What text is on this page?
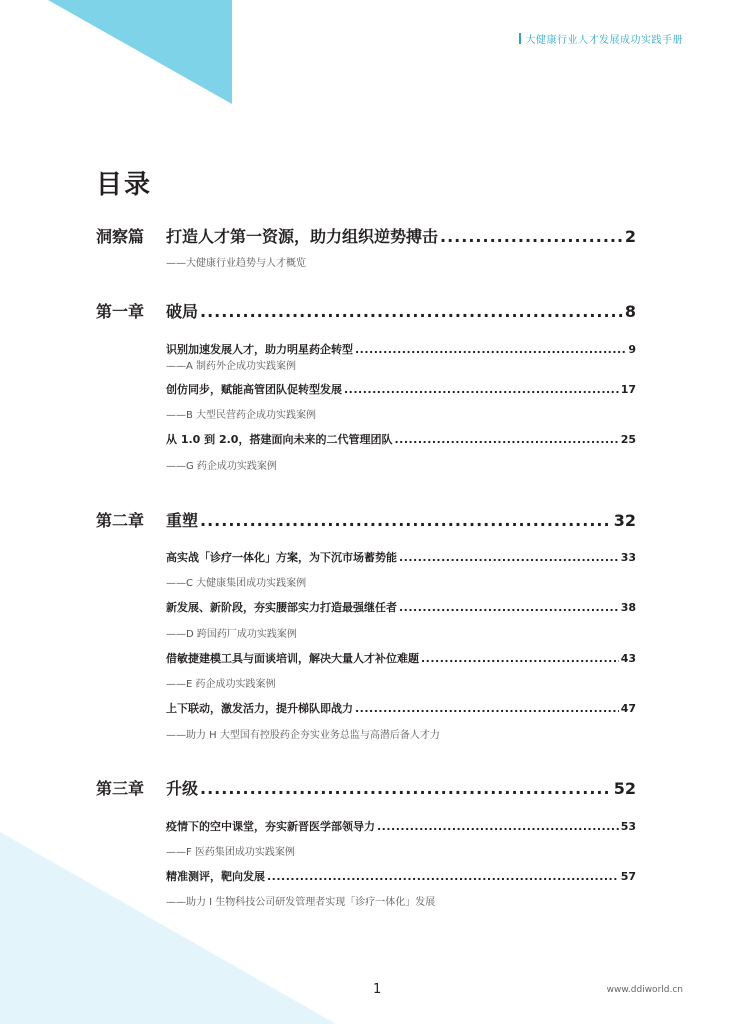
大健康行业人才发展成功实践手册
目录
洞察篇	打造人才第一资源，助力组织逆势搏击 .....	2
——大健康行业趋势与人才概览
第一章	破局 .....	8
识别加速发展人才，助力明星药企转型 .....	9
——A 制药外企成功实践案例
创仿同步，赋能高管团队促转型发展 .....	17
——B 大型民营药企成功实践案例
从 1.0 到 2.0，搭建面向未来的二代管理团队 .....	25
——G 药企成功实践案例
第二章	重塑 .....	32
高实战「诊疗一体化」方案，为下沉市场蓄势能 .....	33
——C 大健康集团成功实践案例
新发展、新阶段，夯实腰部实力打造最强继任者 .....	38
——D 跨国药厂成功实践案例
借敏捷建模工具与面谈培训，解决大量人才补位难题 .....	43
——E 药企成功实践案例
上下联动，激发活力，提升梯队即战力 .....	47
——助力 H 大型国有控股药企夯实业务总监与高潜后备人才力
第三章	升级 .....	52
疫情下的空中课堂，夯实新晋医学部领导力 .....	53
——F 医药集团成功实践案例
精准测评，靶向发展 .....	57
——助力 I 生物科技公司研发管理者实现「诊疗一体化」发展
1	www.ddiworld.cn
